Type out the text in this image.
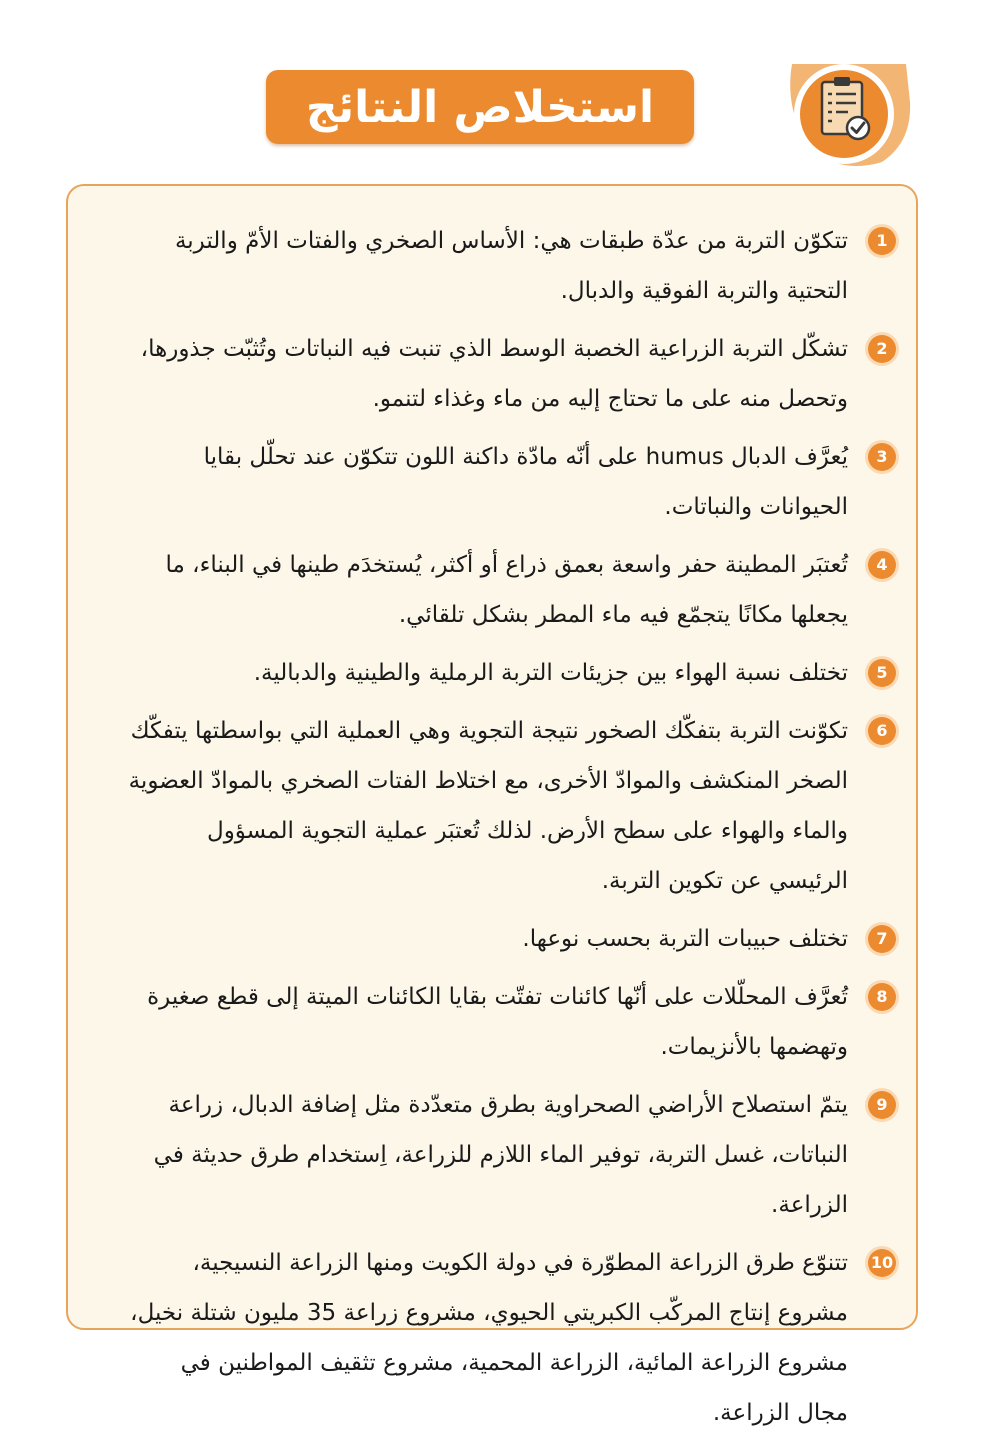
استخلاص النتائج
1
تتكوّن التربة من عدّة طبقات هي: الأساس الصخري والفتات الأمّ والتربة التحتية والتربة الفوقية والدبال.
2
تشكّل التربة الزراعية الخصبة الوسط الذي تنبت فيه النباتات وتُثبّت جذورها، وتحصل منه على ما تحتاج إليه من ماء وغذاء لتنمو.
3
يُعرَّف الدبال humus على أنّه مادّة داكنة اللون تتكوّن عند تحلّل بقايا الحيوانات والنباتات.
4
تُعتبَر المطينة حفر واسعة بعمق ذراع أو أكثر، يُستخدَم طينها في البناء، ما يجعلها مكانًا يتجمّع فيه ماء المطر بشكل تلقائي.
5
تختلف نسبة الهواء بين جزيئات التربة الرملية والطينية والدبالية.
6
تكوّنت التربة بتفكّك الصخور نتيجة التجوية وهي العملية التي بواسطتها يتفكّك الصخر المنكشف والموادّ الأخرى، مع اختلاط الفتات الصخري بالموادّ العضوية والماء والهواء على سطح الأرض. لذلك تُعتبَر عملية التجوية المسؤول الرئيسي عن تكوين التربة.
7
تختلف حبيبات التربة بحسب نوعها.
8
تُعرَّف المحلّلات على أنّها كائنات تفتّت بقايا الكائنات الميتة إلى قطع صغيرة وتهضمها بالأنزيمات.
9
يتمّ استصلاح الأراضي الصحراوية بطرق متعدّدة مثل إضافة الدبال، زراعة النباتات، غسل التربة، توفير الماء اللازم للزراعة، اِستخدام طرق حديثة في الزراعة.
10
تتنوّع طرق الزراعة المطوّرة في دولة الكويت ومنها الزراعة النسيجية، مشروع إنتاج المركّب الكبريتي الحيوي، مشروع زراعة 35 مليون شتلة نخيل، مشروع الزراعة المائية، الزراعة المحمية، مشروع تثقيف المواطنين في مجال الزراعة.
